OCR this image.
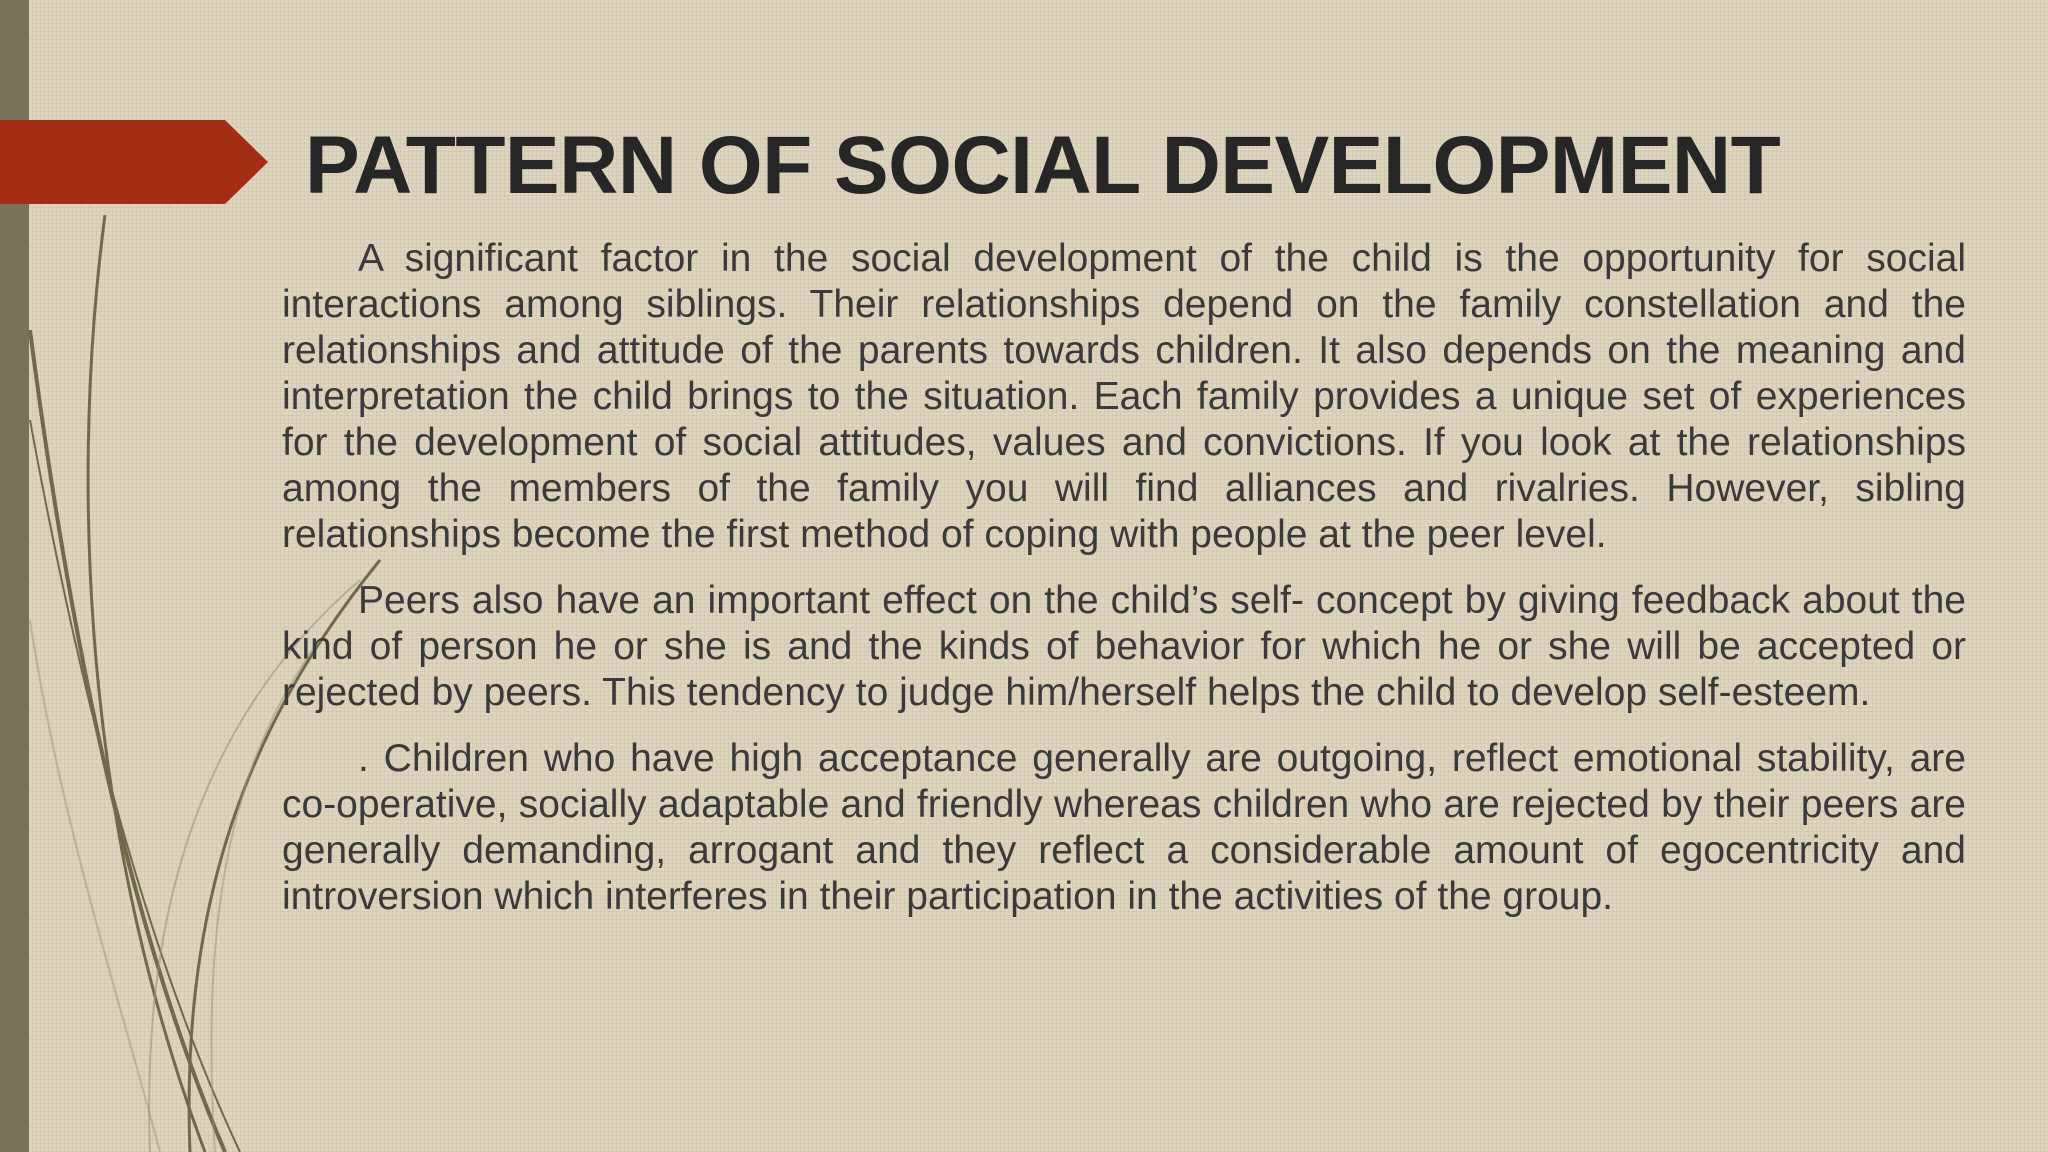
PATTERN OF SOCIAL DEVELOPMENT

A significant factor in the social development of the child is the opportunity for social interactions among siblings. Their relationships depend on the family constellation and the relationships and attitude of the parents towards children. It also depends on the meaning and interpretation the child brings to the situation. Each family provides a unique set of experiences for the development of social attitudes, values and convictions. If you look at the relationships among the members of the family you will find alliances and rivalries. However, sibling relationships become the first method of coping with people at the peer level.

Peers also have an important effect on the child’s self- concept by giving feedback about the kind of person he or she is and the kinds of behavior for which he or she will be accepted or rejected by peers. This tendency to judge him/herself helps the child to develop self-esteem.

. Children who have high acceptance generally are outgoing, reflect emotional stability, are co-operative, socially adaptable and friendly whereas children who are rejected by their peers are generally demanding, arrogant and they reflect a considerable amount of egocentricity and introversion which interferes in their participation in the activities of the group.
